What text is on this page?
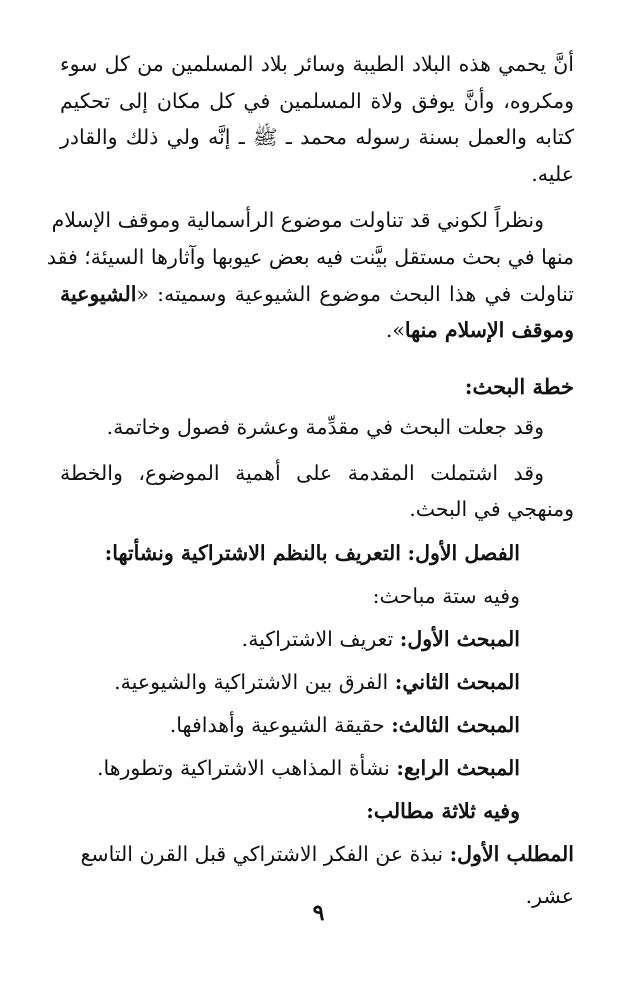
أنَّ يحمي هذه البلاد الطيبة وسائر بلاد المسلمين من كل سوء
ومكروه، وأنَّ يوفق ولاة المسلمين في كل مكان إلى تحكيم
كتابه والعمل بسنة رسوله محمد ـ ﷺ ـ إنَّه ولي ذلك والقادر
عليه.
ونظراً لكوني قد تناولت موضوع الرأسمالية وموقف الإسلام
منها في بحث مستقل بيَّنت فيه بعض عيوبها وآثارها السيئة؛ فقد
تناولت في هذا البحث موضوع الشيوعية وسميته: «الشيوعية
وموقف الإسلام منها».
خطة البحث:
وقد جعلت البحث في مقدِّمة وعشرة فصول وخاتمة.
وقد اشتملت المقدمة على أهمية الموضوع، والخطة
ومنهجي في البحث.
الفصل الأول: التعريف بالنظم الاشتراكية ونشأتها:
وفيه ستة مباحث:
المبحث الأول: تعريف الاشتراكية.
المبحث الثاني: الفرق بين الاشتراكية والشيوعية.
المبحث الثالث: حقيقة الشيوعية وأهدافها.
المبحث الرابع: نشأة المذاهب الاشتراكية وتطورها.
وفيه ثلاثة مطالب:
المطلب الأول: نبذة عن الفكر الاشتراكي قبل القرن التاسع
عشر.
٩
